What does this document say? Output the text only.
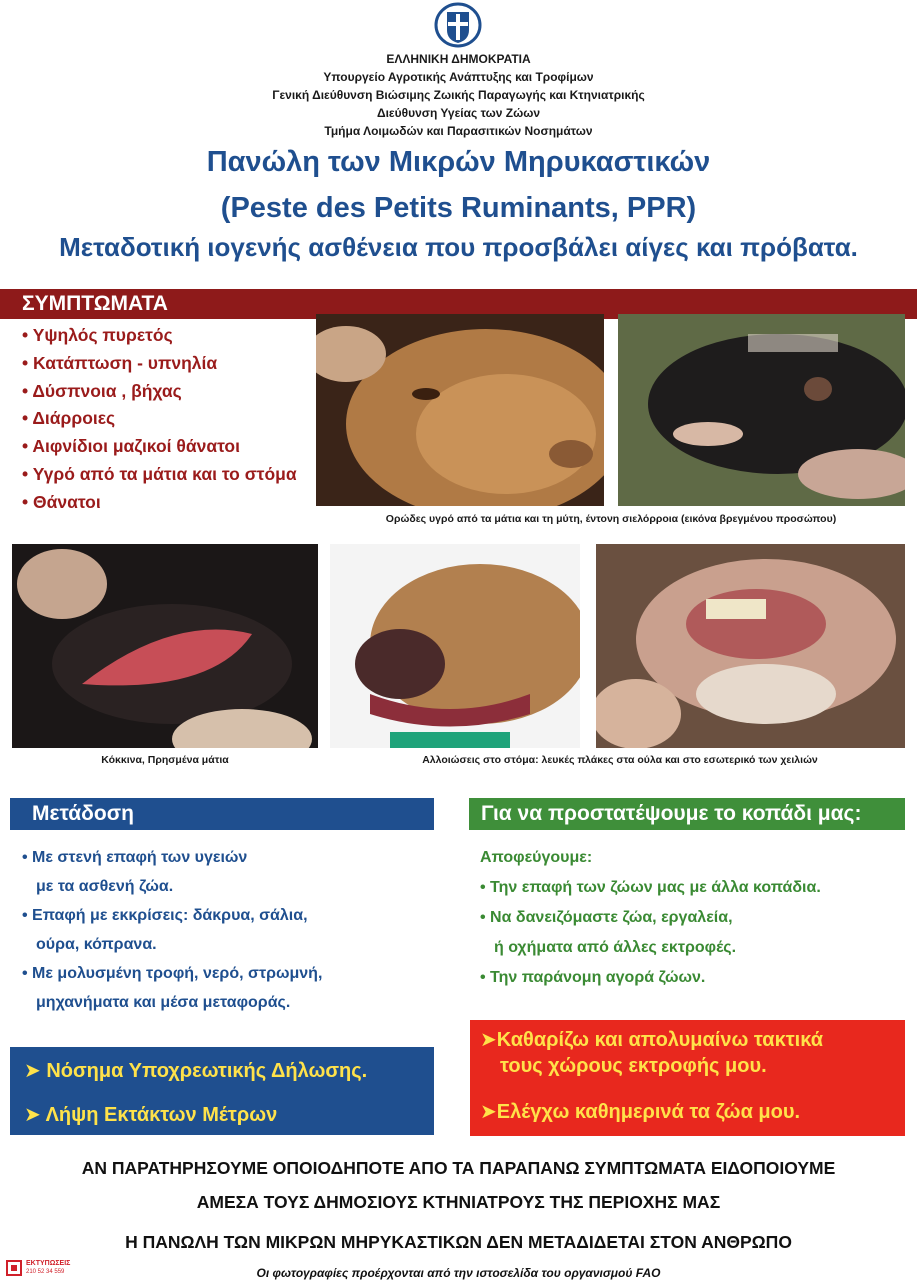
ΕΛΛΗΝΙΚΗ ΔΗΜΟΚΡΑΤΙΑ
Υπουργείο Αγροτικής Ανάπτυξης και Τροφίμων
Γενική Διεύθυνση Βιώσιμης Ζωικής Παραγωγής και Κτηνιατρικής
Διεύθυνση Υγείας των Ζώων
Τμήμα Λοιμωδών και Παρασιτικών Νοσημάτων
Πανώλη των Μικρών Μηρυκαστικών
(Peste des Petits Ruminants, PPR)
Μεταδοτική ιογενής ασθένεια που προσβάλει αίγες και πρόβατα.
ΣΥΜΠΤΩΜΑΤΑ
• Υψηλός πυρετός
• Κατάπτωση - υπνηλία
• Δύσπνοια , βήχας
• Διάρροιες
• Αιφνίδιοι μαζικοί θάνατοι
• Υγρό από τα μάτια και το στόμα
• Θάνατοι
Ορώδες υγρό από τα μάτια και τη μύτη, έντονη σιελόρροια (εικόνα βρεγμένου προσώπου)
Κόκκινα, Πρησμένα μάτια	Αλλοιώσεις στο στόμα: λευκές πλάκες στα ούλα και στο εσωτερικό των χειλιών
Μετάδοση
• Με στενή επαφή των υγειών
με τα ασθενή ζώα.
• Επαφή με εκκρίσεις: δάκρυα, σάλια,
ούρα, κόπρανα.
• Με μολυσμένη τροφή, νερό, στρωμνή,
μηχανήματα και μέσα μεταφοράς.
Για να προστατέψουμε το κοπάδι μας:
Αποφεύγουμε:
• Την επαφή των ζώων μας με άλλα κοπάδια.
• Να δανειζόμαστε ζώα, εργαλεία,
ή οχήματα από άλλες εκτροφές.
• Την παράνομη αγορά ζώων.
➤ Νόσημα Υποχρεωτικής Δήλωσης.
➤ Λήψη Εκτάκτων Μέτρων
➤Καθαρίζω και απολυμαίνω τακτικά
τους χώρους εκτροφής μου.
➤Ελέγχω καθημερινά τα ζώα μου.
ΑΝ ΠΑΡΑΤΗΡΗΣΟΥΜΕ ΟΠΟΙΟΔΗΠΟΤΕ ΑΠΟ ΤΑ ΠΑΡΑΠΑΝΩ ΣΥΜΠΤΩΜΑΤΑ ΕΙΔΟΠΟΙΟΥΜΕ
ΑΜΕΣΑ ΤΟΥΣ ΔΗΜΟΣΙΟΥΣ ΚΤΗΝΙΑΤΡΟΥΣ ΤΗΣ ΠΕΡΙΟΧΗΣ ΜΑΣ
Η ΠΑΝΩΛΗ ΤΩΝ ΜΙΚΡΩΝ ΜΗΡΥΚΑΣΤΙΚΩΝ ΔΕΝ ΜΕΤΑΔΙΔΕΤΑΙ ΣΤΟΝ ΑΝΘΡΩΠΟ
Οι φωτογραφίες προέρχονται από την ιστοσελίδα του οργανισμού FAO
ΕΚΤΥΠΩΣΕΙΣ
210 52 34 559
